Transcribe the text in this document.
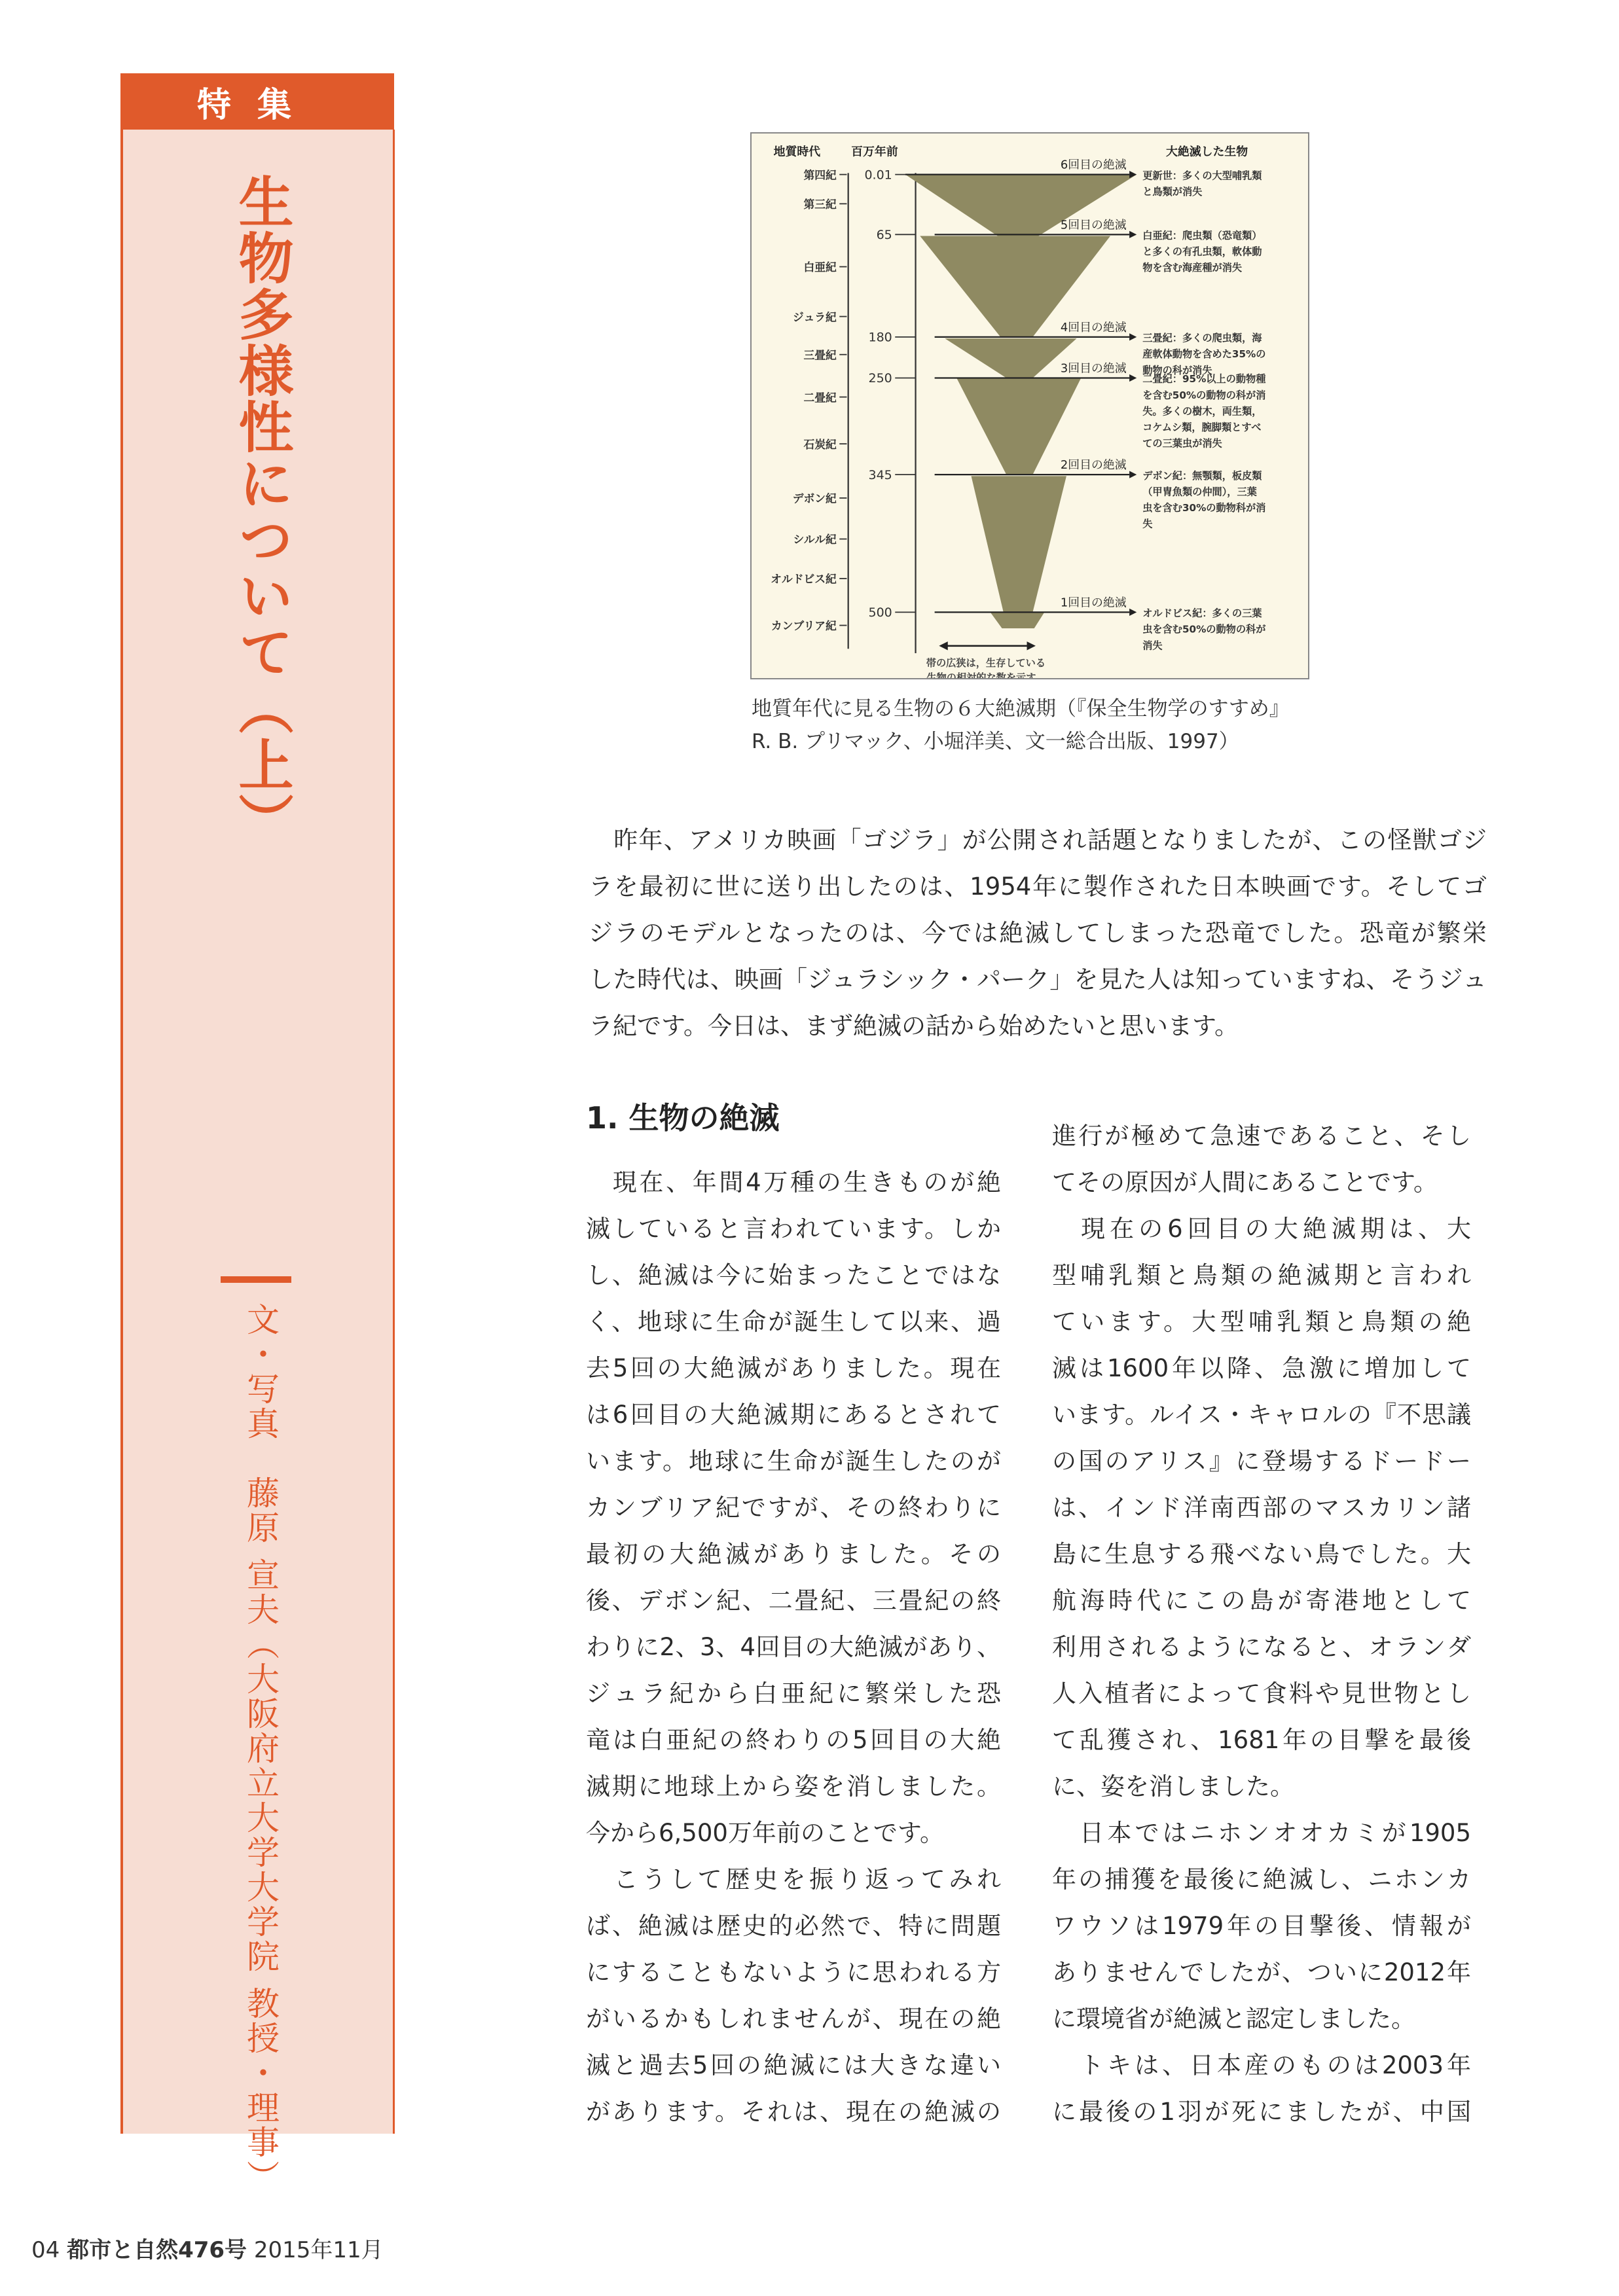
特集
生物多様性について（上）
文・写真　藤原 宣夫（大阪府立大学大学院 教授・理事）
地質時代	百万年前	大絶滅した生物
第四紀
第三紀
白亜紀
ジュラ紀
三畳紀
二畳紀
石炭紀
デボン紀
シルル紀
オルドビス紀
カンブリア紀
0.01
65
180
250
345
500
6回目の絶滅
更新世：多くの大型哺乳類
と鳥類が消失
5回目の絶滅
白亜紀：爬虫類（恐竜類）
と多くの有孔虫類，軟体動
物を含む海産種が消失
4回目の絶滅
三畳紀：多くの爬虫類，海
産軟体動物を含めた35%の
動物の科が消失
3回目の絶滅
二畳紀：95%以上の動物種
を含む50%の動物の科が消
失。多くの樹木，両生類，
コケムシ類，腕脚類とすべ
ての三葉虫が消失
2回目の絶滅
デボン紀：無顎類，板皮類
（甲冑魚類の仲間），三葉
虫を含む30%の動物科が消
失
1回目の絶滅
オルドビス紀：多くの三葉
虫を含む50%の動物の科が
消失
帯の広狭は，生存している
生物の相対的な数を示す。
地質年代に見る生物の６大絶滅期（『保全生物学のすすめ』
R. B. プリマック、小堀洋美、文一総合出版、1997）
　昨年、アメリカ映画「ゴジラ」が公開され話題となりましたが、この怪獣ゴジ
ラを最初に世に送り出したのは、1954年に製作された日本映画です。そしてゴ
ジラのモデルとなったのは、今では絶滅してしまった恐竜でした。恐竜が繁栄
した時代は、映画「ジュラシック・パーク」を見た人は知っていますね、そうジュ
ラ紀です。今日は、まず絶滅の話から始めたいと思います。
1. 生物の絶滅
　現在、年間4万種の生きものが絶
滅していると言われています。しか
し、絶滅は今に始まったことではな
く、地球に生命が誕生して以来、過
去5回の大絶滅がありました。現在
は6回目の大絶滅期にあるとされて
います。地球に生命が誕生したのが
カンブリア紀ですが、その終わりに
最初の大絶滅がありました。その
後、デボン紀、二畳紀、三畳紀の終
わりに2、3、4回目の大絶滅があり、
ジュラ紀から白亜紀に繁栄した恐
竜は白亜紀の終わりの5回目の大絶
滅期に地球上から姿を消しました。
今から6,500万年前のことです。
　こうして歴史を振り返ってみれ
ば、絶滅は歴史的必然で、特に問題
にすることもないように思われる方
がいるかもしれませんが、現在の絶
滅と過去5回の絶滅には大きな違い
があります。それは、現在の絶滅の
進行が極めて急速であること、そし
てその原因が人間にあることです。
　現在の6回目の大絶滅期は、大
型哺乳類と鳥類の絶滅期と言われ
ています。大型哺乳類と鳥類の絶
滅は1600年以降、急激に増加して
います。ルイス・キャロルの『不思議
の国のアリス』に登場するドードー
は、インド洋南西部のマスカリン諸
島に生息する飛べない鳥でした。大
航海時代にこの島が寄港地として
利用されるようになると、オランダ
人入植者によって食料や見世物とし
て乱獲され、1681年の目撃を最後
に、姿を消しました。
　日本ではニホンオオカミが1905
年の捕獲を最後に絶滅し、ニホンカ
ワウソは1979年の目撃後、情報が
ありませんでしたが、ついに2012年
に環境省が絶滅と認定しました。
　トキは、日本産のものは2003年
に最後の1羽が死にましたが、中国
04 都市と自然476号 2015年11月
